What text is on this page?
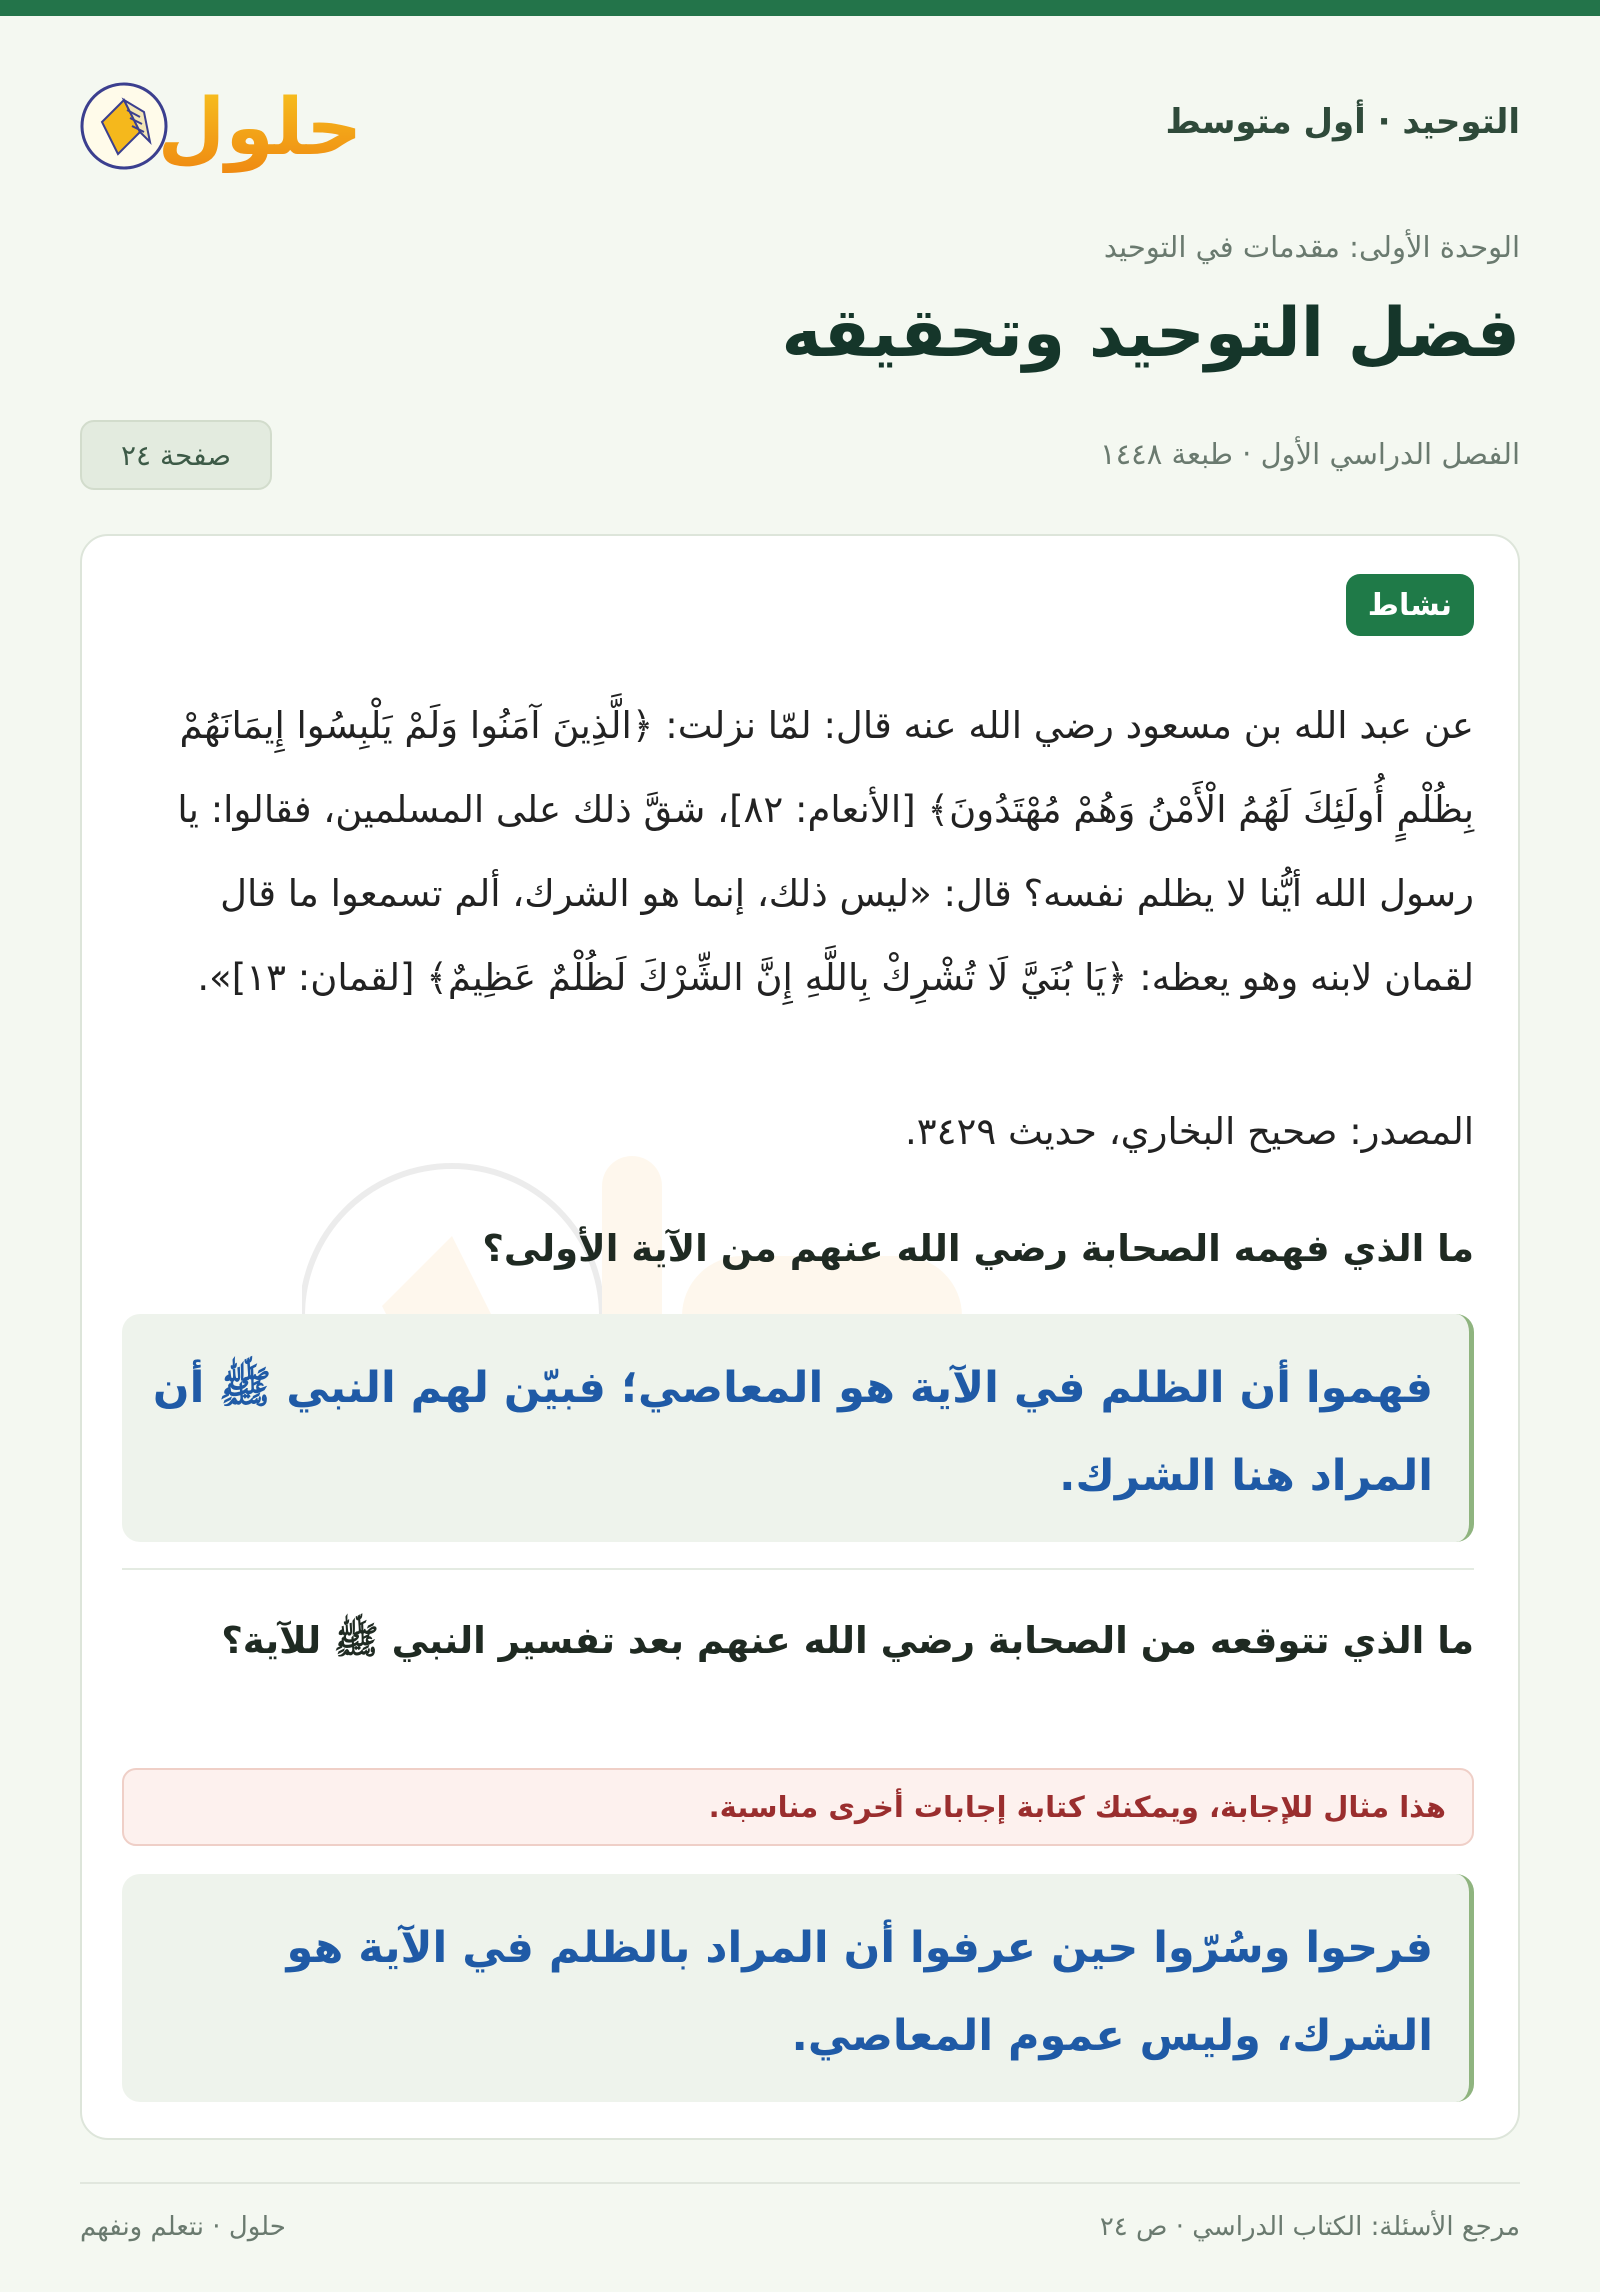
التوحيد · أول متوسط
حلول
الوحدة الأولى: مقدمات في التوحيد
فضل التوحيد وتحقيقه
الفصل الدراسي الأول · طبعة ١٤٤٨
صفحة ٢٤
نشاط
عن عبد الله بن مسعود رضي الله عنه قال: لمّا نزلت: ﴿الَّذِينَ آمَنُوا وَلَمْ يَلْبِسُوا إِيمَانَهُمْ بِظُلْمٍ أُولَئِكَ لَهُمُ الْأَمْنُ وَهُمْ مُهْتَدُونَ﴾ [الأنعام: ٨٢]، شقَّ ذلك على المسلمين، فقالوا: يا رسول الله أيُّنا لا يظلم نفسه؟ قال: «ليس ذلك، إنما هو الشرك، ألم تسمعوا ما قال لقمان لابنه وهو يعظه: ﴿يَا بُنَيَّ لَا تُشْرِكْ بِاللَّهِ إِنَّ الشِّرْكَ لَظُلْمٌ عَظِيمٌ﴾ [لقمان: ١٣]».
المصدر: صحيح البخاري، حديث ٣٤٢٩.
ما الذي فهمه الصحابة رضي الله عنهم من الآية الأولى؟
فهموا أن الظلم في الآية هو المعاصي؛ فبيّن لهم النبي ﷺ أن المراد هنا الشرك.
ما الذي تتوقعه من الصحابة رضي الله عنهم بعد تفسير النبي ﷺ للآية؟
هذا مثال للإجابة، ويمكنك كتابة إجابات أخرى مناسبة.
فرحوا وسُرّوا حين عرفوا أن المراد بالظلم في الآية هو الشرك، وليس عموم المعاصي.
مرجع الأسئلة: الكتاب الدراسي · ص ٢٤
حلول · نتعلم ونفهم
